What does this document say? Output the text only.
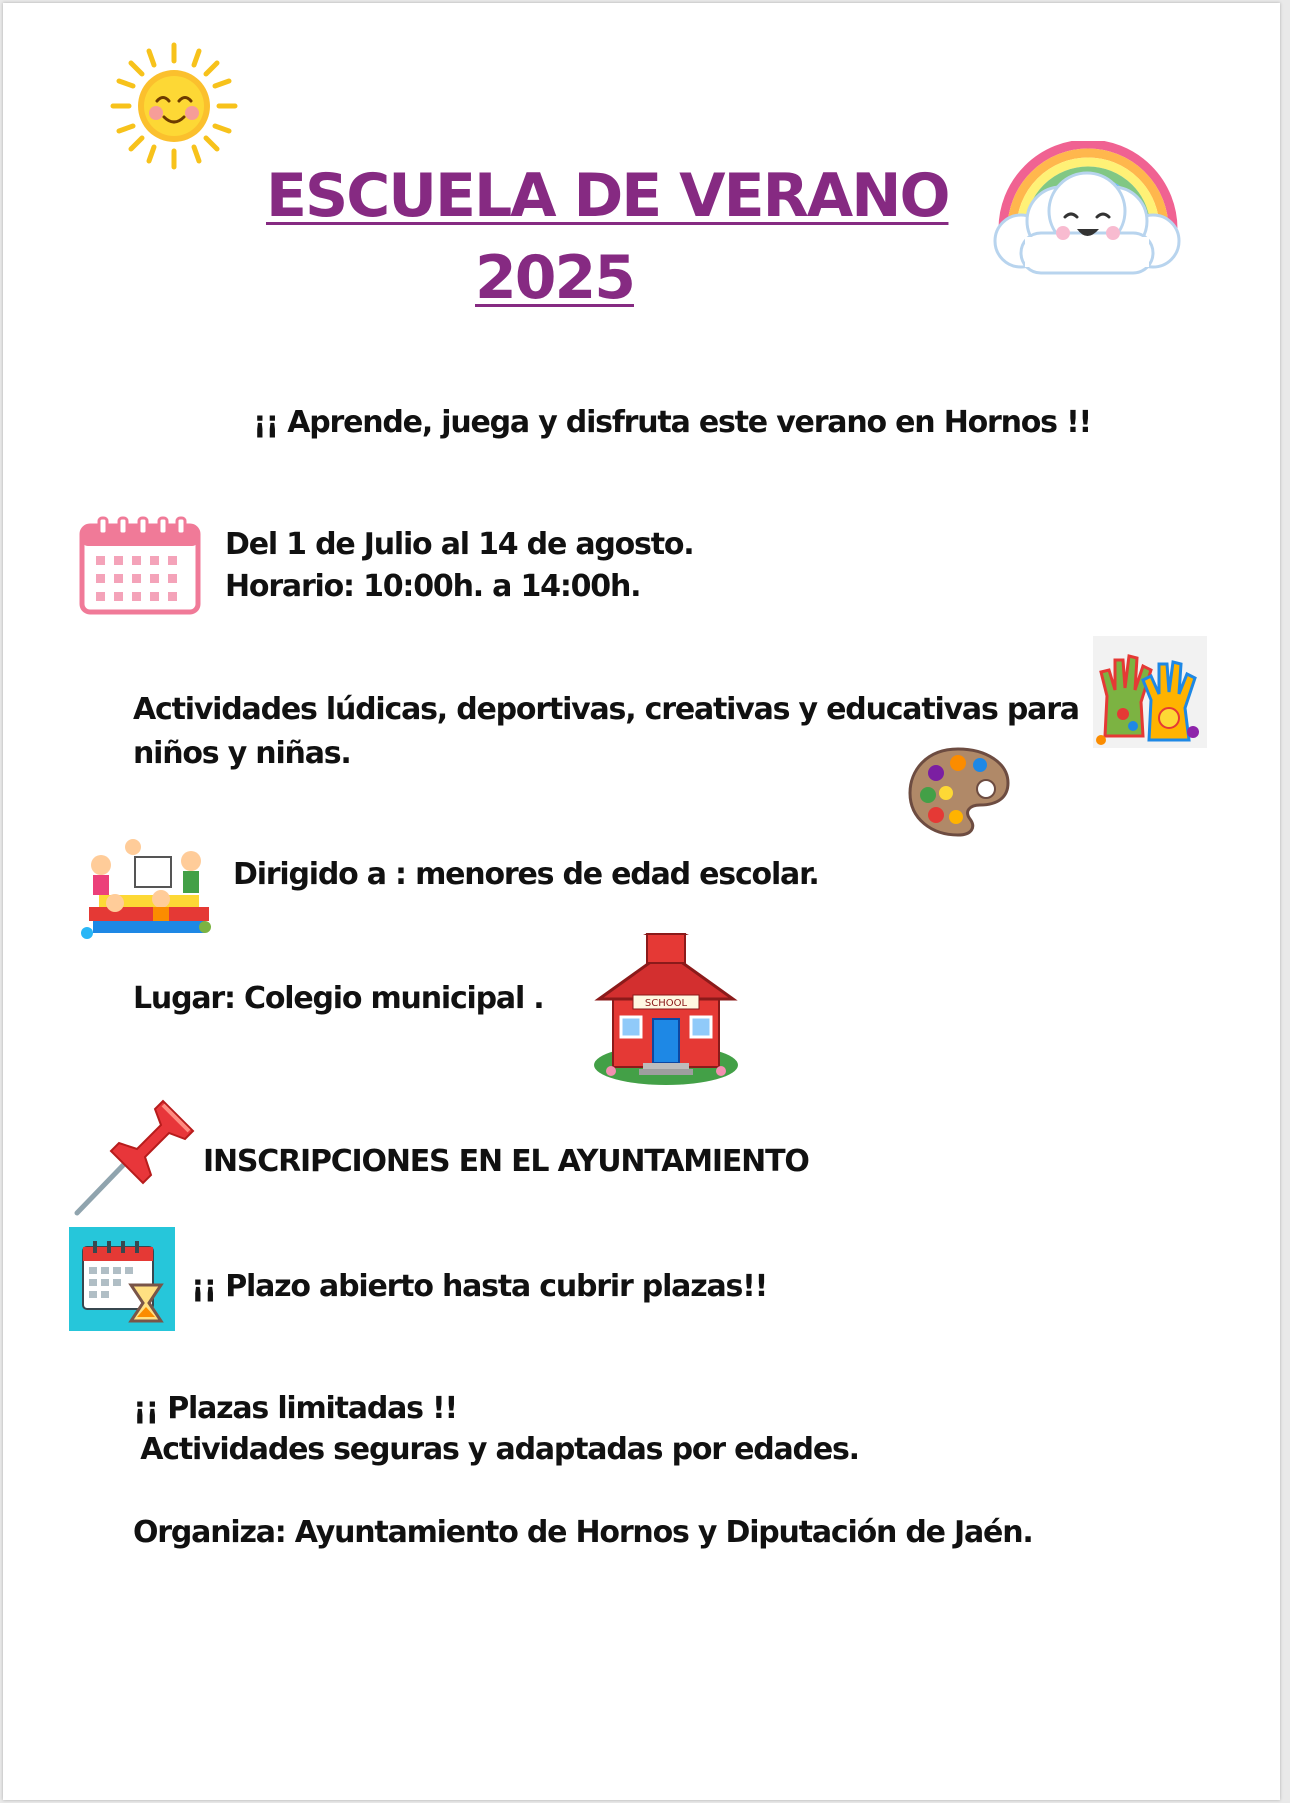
ESCUELA DE VERANO
2025
¡¡ Aprende, juega y disfruta este verano en Hornos !!
Del 1 de Julio al 14 de agosto.
Horario: 10:00h. a 14:00h.
Actividades lúdicas, deportivas, creativas y educativas para
niños y niñas.
Dirigido a : menores de edad escolar.
Lugar: Colegio municipal .	SCHOOL
INSCRIPCIONES EN EL AYUNTAMIENTO
¡¡ Plazo abierto hasta cubrir plazas!!
¡¡ Plazas limitadas !!
Actividades seguras y adaptadas por edades.
Organiza: Ayuntamiento de Hornos y Diputación de Jaén.
